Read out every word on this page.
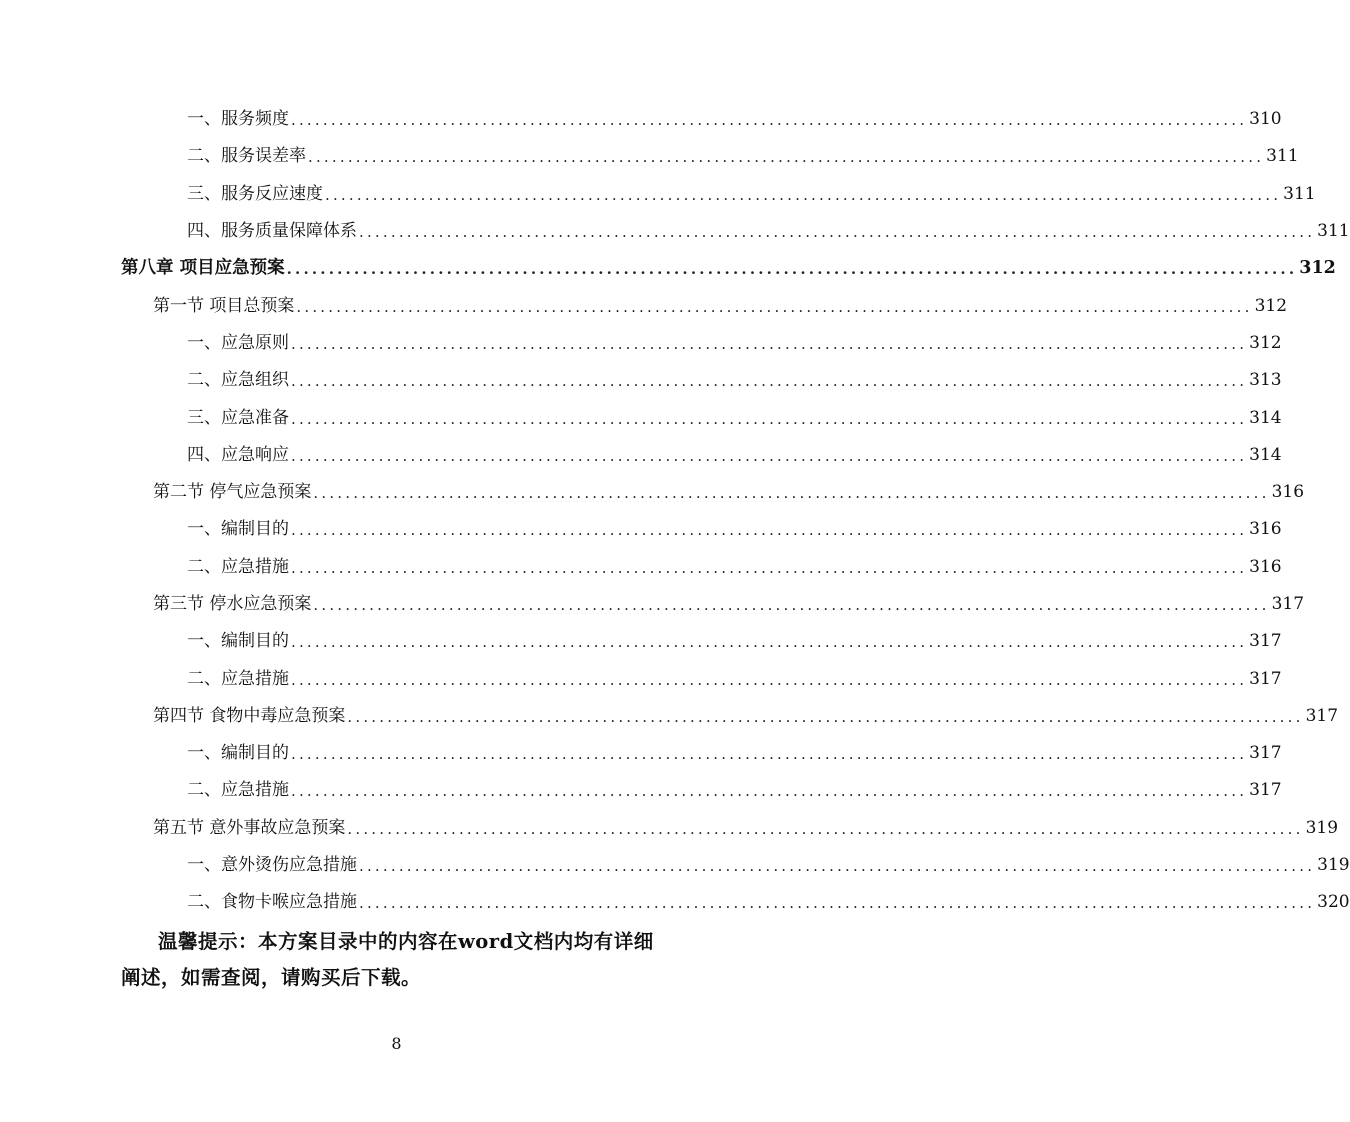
一、服务频度 ........................................................................................................................ 310
二、服务误差率 ........................................................................................................................ 311
三、服务反应速度 ........................................................................................................................ 311
四、服务质量保障体系 ........................................................................................................................ 311
第八章 项目应急预案 ........................................................................................................................ 312
第一节 项目总预案 ........................................................................................................................ 312
一、应急原则 ........................................................................................................................ 312
二、应急组织 ........................................................................................................................ 313
三、应急准备 ........................................................................................................................ 314
四、应急响应 ........................................................................................................................ 314
第二节 停气应急预案 ........................................................................................................................ 316
一、编制目的 ........................................................................................................................ 316
二、应急措施 ........................................................................................................................ 316
第三节 停水应急预案 ........................................................................................................................ 317
一、编制目的 ........................................................................................................................ 317
二、应急措施 ........................................................................................................................ 317
第四节 食物中毒应急预案 ........................................................................................................................ 317
一、编制目的 ........................................................................................................................ 317
二、应急措施 ........................................................................................................................ 317
第五节 意外事故应急预案 ........................................................................................................................ 319
一、意外烫伤应急措施 ........................................................................................................................ 319
二、食物卡喉应急措施 ........................................................................................................................ 320
温馨提示：本方案目录中的内容在word文档内均有详细
阐述，如需查阅，请购买后下载。
8
